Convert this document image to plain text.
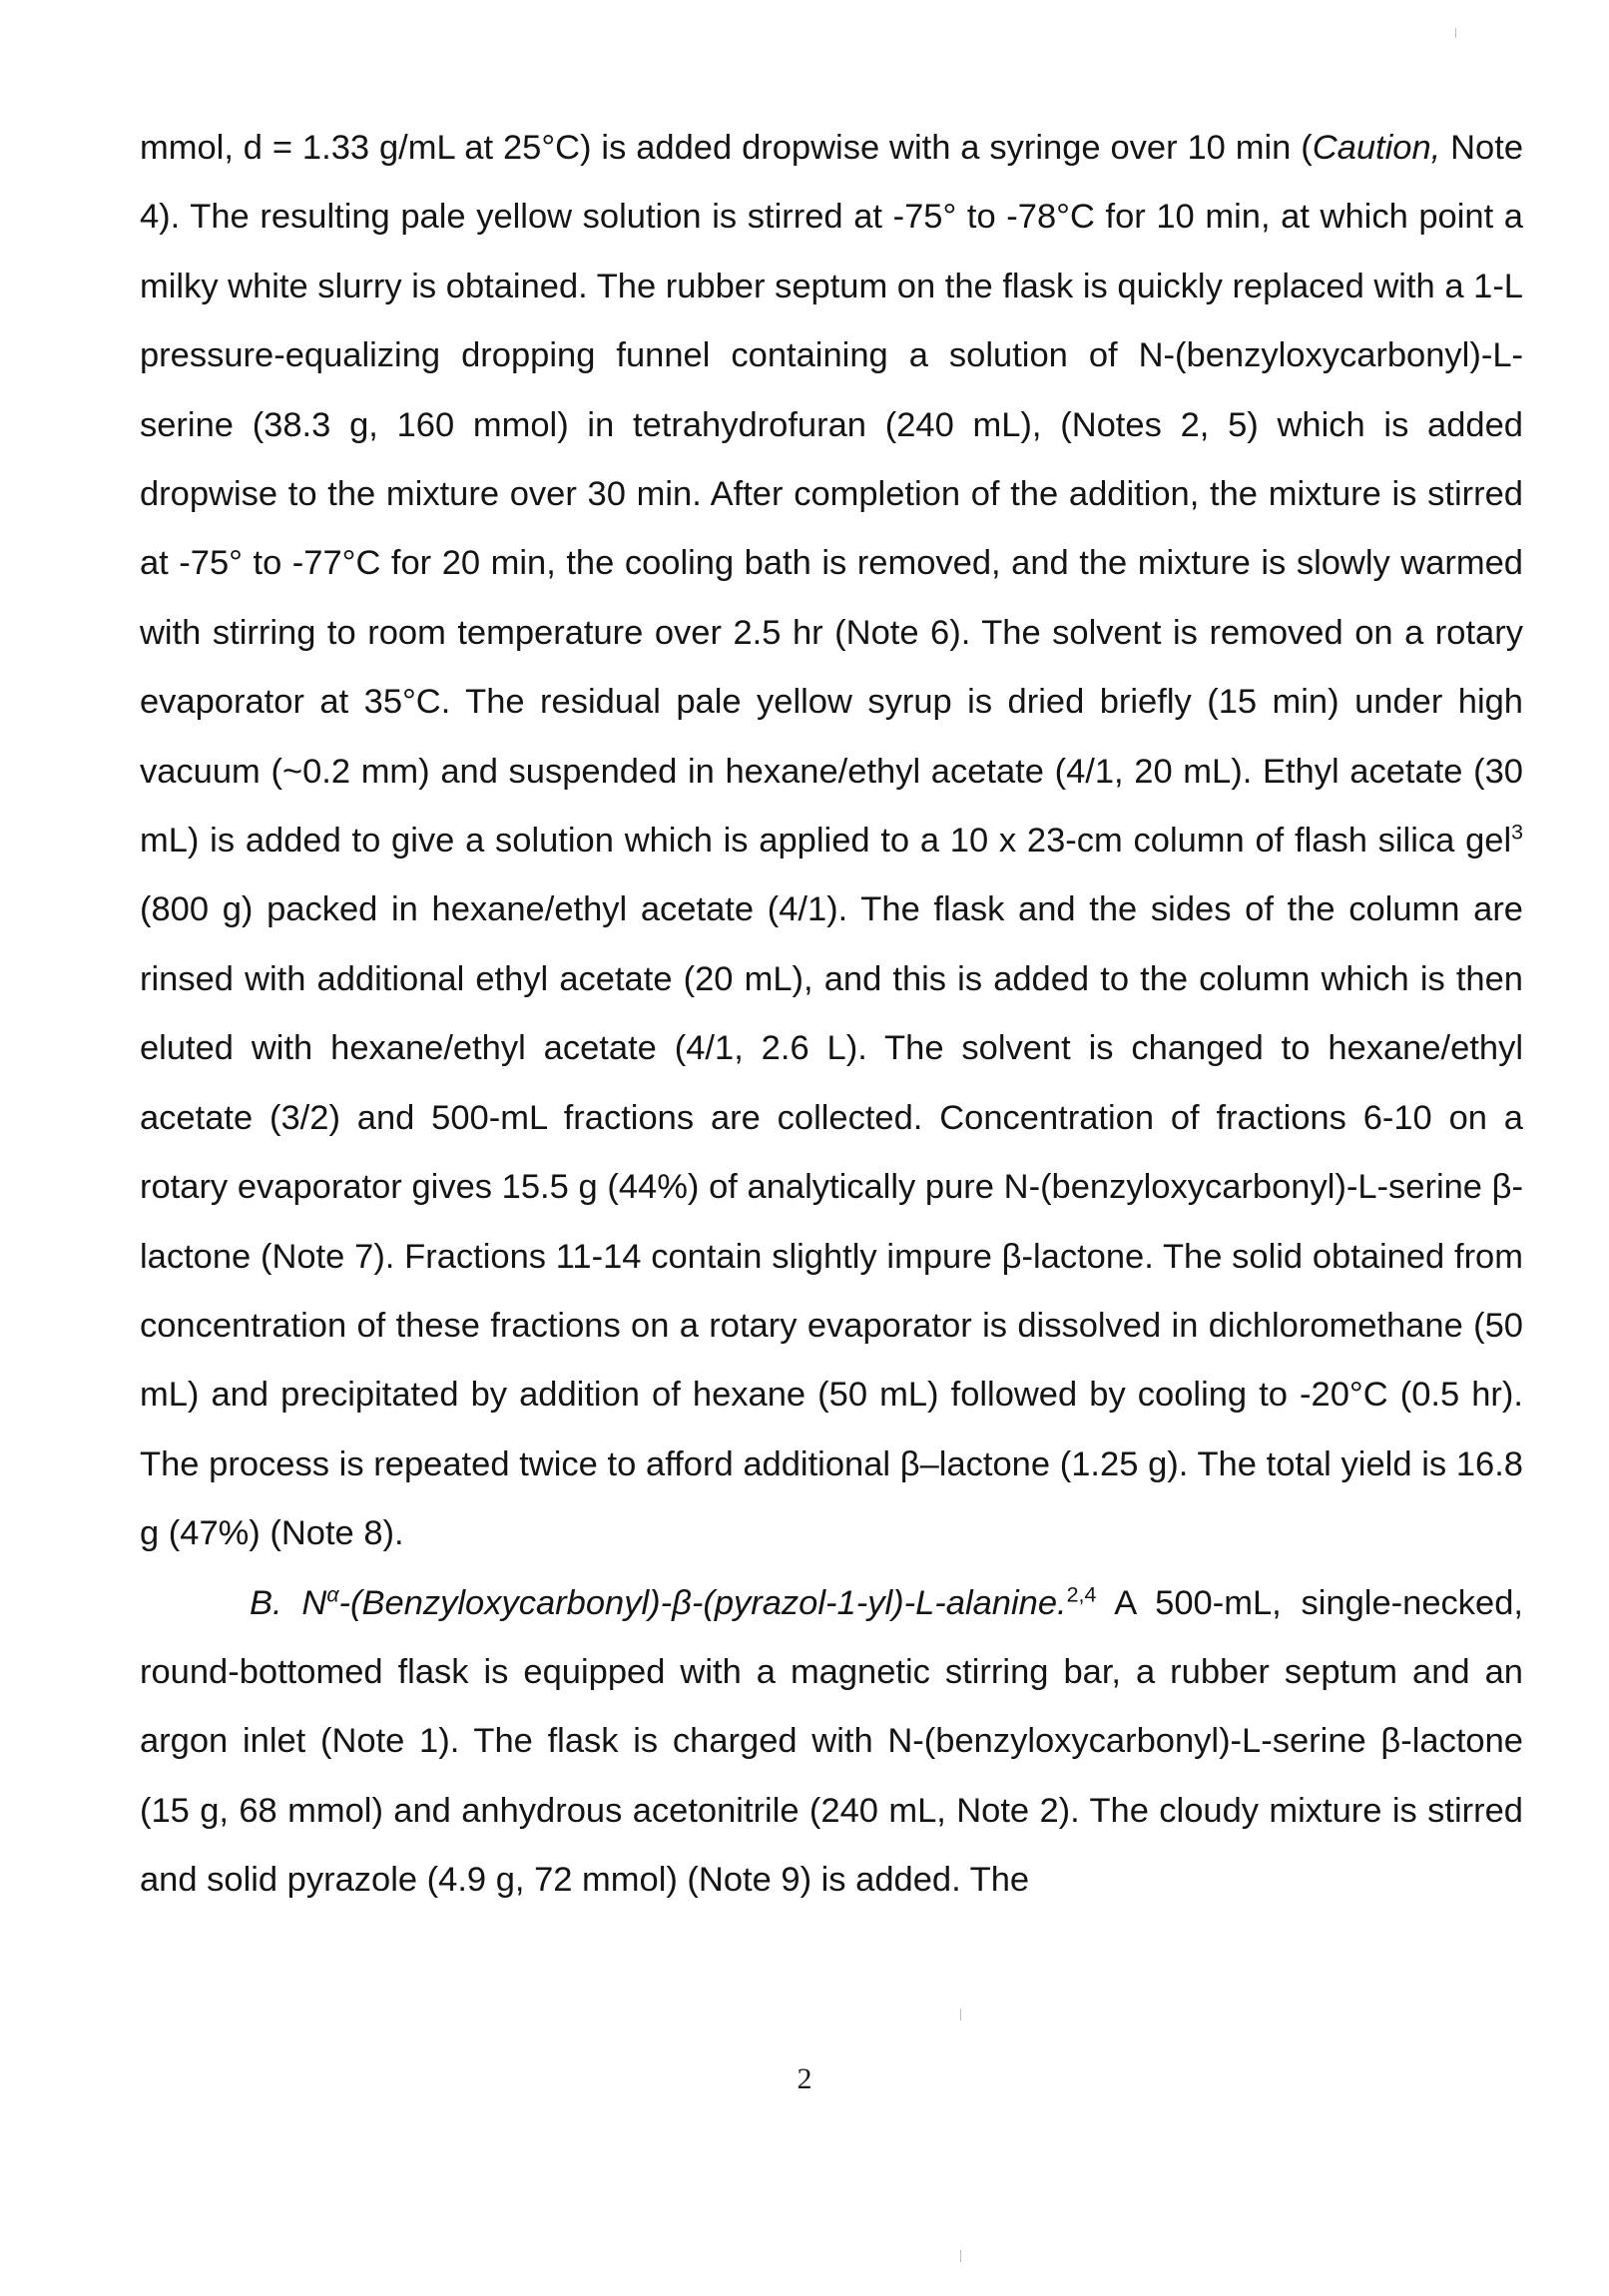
mmol, d = 1.33 g/mL at 25°C) is added dropwise with a syringe over 10 min (Caution, Note 4). The resulting pale yellow solution is stirred at -75° to -78°C for 10 min, at which point a milky white slurry is obtained. The rubber septum on the flask is quickly replaced with a 1-L pressure-equalizing dropping funnel containing a solution of N-(benzyloxycarbonyl)-L-serine (38.3 g, 160 mmol) in tetrahydrofuran (240 mL), (Notes 2, 5) which is added dropwise to the mixture over 30 min. After completion of the addition, the mixture is stirred at -75° to -77°C for 20 min, the cooling bath is removed, and the mixture is slowly warmed with stirring to room temperature over 2.5 hr (Note 6). The solvent is removed on a rotary evaporator at 35°C. The residual pale yellow syrup is dried briefly (15 min) under high vacuum (~0.2 mm) and suspended in hexane/ethyl acetate (4/1, 20 mL). Ethyl acetate (30 mL) is added to give a solution which is applied to a 10 x 23-cm column of flash silica gel$^3$ (800 g) packed in hexane/ethyl acetate (4/1). The flask and the sides of the column are rinsed with additional ethyl acetate (20 mL), and this is added to the column which is then eluted with hexane/ethyl acetate (4/1, 2.6 L). The solvent is changed to hexane/ethyl acetate (3/2) and 500-mL fractions are collected. Concentration of fractions 6-10 on a rotary evaporator gives 15.5 g (44%) of analytically pure N-(benzyloxycarbonyl)-L-serine β-lactone (Note 7). Fractions 11-14 contain slightly impure β-lactone. The solid obtained from concentration of these fractions on a rotary evaporator is dissolved in dichloromethane (50 mL) and precipitated by addition of hexane (50 mL) followed by cooling to -20°C (0.5 hr). The process is repeated twice to afford additional β–lactone (1.25 g). The total yield is 16.8 g (47%) (Note 8).

B. $N^\alpha-(Benzyloxycarbonyl)-\beta-(pyrazol-1-yl)-L-alanine.^{2,4}$ A 500-mL, single-necked, round-bottomed flask is equipped with a magnetic stirring bar, a rubber septum and an argon inlet (Note 1). The flask is charged with N-(benzyloxycarbonyl)-L-serine β-lactone (15 g, 68 mmol) and anhydrous acetonitrile (240 mL, Note 2). The cloudy mixture is stirred and solid pyrazole (4.9 g, 72 mmol) (Note 9) is added. The

2
